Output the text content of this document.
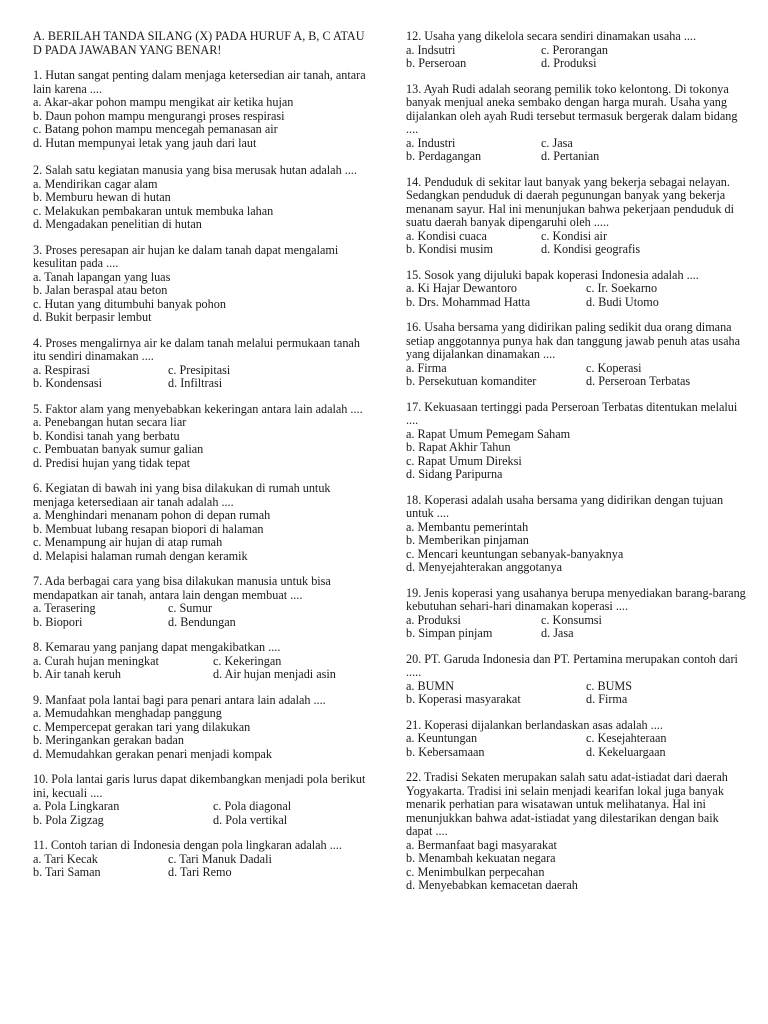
A. BERILAH TANDA SILANG (X) PADA HURUF A, B, C ATAU D PADA JAWABAN YANG BENAR!
1. Hutan sangat penting dalam menjaga ketersedian air tanah, antara lain karena ....
a. Akar-akar pohon mampu mengikat air ketika hujan
b. Daun pohon mampu mengurangi proses respirasi
c. Batang pohon mampu mencegah pemanasan air
d. Hutan mempunyai letak yang jauh dari laut
2. Salah satu kegiatan manusia yang bisa merusak hutan adalah ....
a. Mendirikan cagar alam
b. Memburu hewan di hutan
c. Melakukan pembakaran untuk membuka lahan
d. Mengadakan penelitian di hutan
3. Proses peresapan air hujan ke dalam tanah dapat mengalami kesulitan pada ....
a. Tanah lapangan yang luas
b. Jalan beraspal atau beton
c. Hutan yang ditumbuhi banyak pohon
d. Bukit berpasir lembut
4. Proses mengalirnya air ke dalam tanah melalui permukaan tanah itu sendiri dinamakan ....
a. Respirasi	c. Presipitasi
b. Kondensasi	d. Infiltrasi
5. Faktor alam yang menyebabkan kekeringan antara lain adalah ....
a. Penebangan hutan secara liar
b. Kondisi tanah yang berbatu
c. Pembuatan banyak sumur galian
d. Predisi hujan yang tidak tepat
6. Kegiatan di bawah ini yang bisa dilakukan di rumah untuk menjaga ketersediaan air tanah adalah ....
a. Menghindari menanam pohon di depan rumah
b. Membuat lubang resapan biopori di halaman
c. Menampung air hujan di atap rumah
d. Melapisi halaman rumah dengan keramik
7. Ada berbagai cara yang bisa dilakukan manusia untuk bisa mendapatkan air tanah, antara lain dengan membuat ....
a. Terasering	c. Sumur
b. Biopori	d. Bendungan
8. Kemarau yang panjang dapat mengakibatkan ....
a. Curah hujan meningkat	c. Kekeringan
b. Air tanah keruh	d. Air hujan menjadi asin
9. Manfaat pola lantai bagi para penari antara lain adalah ....
a. Memudahkan menghadap panggung
c. Mempercepat gerakan tari yang dilakukan
b. Meringankan gerakan badan
d. Memudahkan gerakan penari menjadi kompak
10. Pola lantai garis lurus dapat dikembangkan menjadi pola berikut ini, kecuali ....
a. Pola Lingkaran	c. Pola diagonal
b. Pola Zigzag	d. Pola vertikal
11. Contoh tarian di Indonesia dengan pola lingkaran adalah ....
a. Tari Kecak	c. Tari Manuk Dadali
b. Tari Saman	d. Tari Remo
12. Usaha yang dikelola secara sendiri dinamakan usaha ....
a. Indsutri	c. Perorangan
b. Perseroan	d. Produksi
13. Ayah Rudi adalah seorang pemilik toko kelontong. Di tokonya banyak menjual aneka sembako dengan harga murah. Usaha yang dijalankan oleh ayah Rudi tersebut termasuk bergerak dalam bidang ....
a. Industri	c. Jasa
b. Perdagangan	d. Pertanian
14. Penduduk di sekitar laut banyak yang bekerja sebagai nelayan. Sedangkan penduduk di daerah pegunungan banyak yang bekerja menanam sayur. Hal ini menunjukan bahwa pekerjaan penduduk di suatu daerah banyak dipengaruhi oleh .....
a. Kondisi cuaca	c. Kondisi air
b. Kondisi musim	d. Kondisi geografis
15. Sosok yang dijuluki bapak koperasi Indonesia adalah ....
a. Ki Hajar Dewantoro	c. Ir. Soekarno
b. Drs. Mohammad Hatta	d. Budi Utomo
16. Usaha bersama yang didirikan paling sedikit dua orang dimana setiap anggotannya punya hak dan tanggung jawab penuh atas usaha yang dijalankan dinamakan ....
a. Firma	c. Koperasi
b. Persekutuan komanditer	d. Perseroan Terbatas
17. Kekuasaan tertinggi pada Perseroan Terbatas ditentukan melalui ....
a. Rapat Umum Pemegam Saham
b. Rapat Akhir Tahun
c. Rapat Umum Direksi
d. Sidang Paripurna
18. Koperasi adalah usaha bersama yang didirikan dengan tujuan untuk ....
a. Membantu pemerintah
b. Memberikan pinjaman
c. Mencari keuntungan sebanyak-banyaknya
d. Menyejahterakan anggotanya
19. Jenis koperasi yang usahanya berupa menyediakan barang-barang kebutuhan sehari-hari dinamakan koperasi ....
a. Produksi	c. Konsumsi
b. Simpan pinjam	d. Jasa
20. PT. Garuda Indonesia dan PT. Pertamina merupakan contoh dari .....
a. BUMN	c. BUMS
b. Koperasi masyarakat	d. Firma
21. Koperasi dijalankan berlandaskan asas adalah ....
a. Keuntungan	c. Kesejahteraan
b. Kebersamaan	d. Kekeluargaan
22. Tradisi Sekaten merupakan salah satu adat-istiadat dari daerah Yogyakarta. Tradisi ini selain menjadi kearifan lokal juga banyak menarik perhatian para wisatawan untuk melihatanya. Hal ini menunjukkan bahwa adat-istiadat yang dilestarikan dengan baik dapat ....
a. Bermanfaat bagi masyarakat
b. Menambah kekuatan negara
c. Menimbulkan perpecahan
d. Menyebabkan kemacetan daerah
